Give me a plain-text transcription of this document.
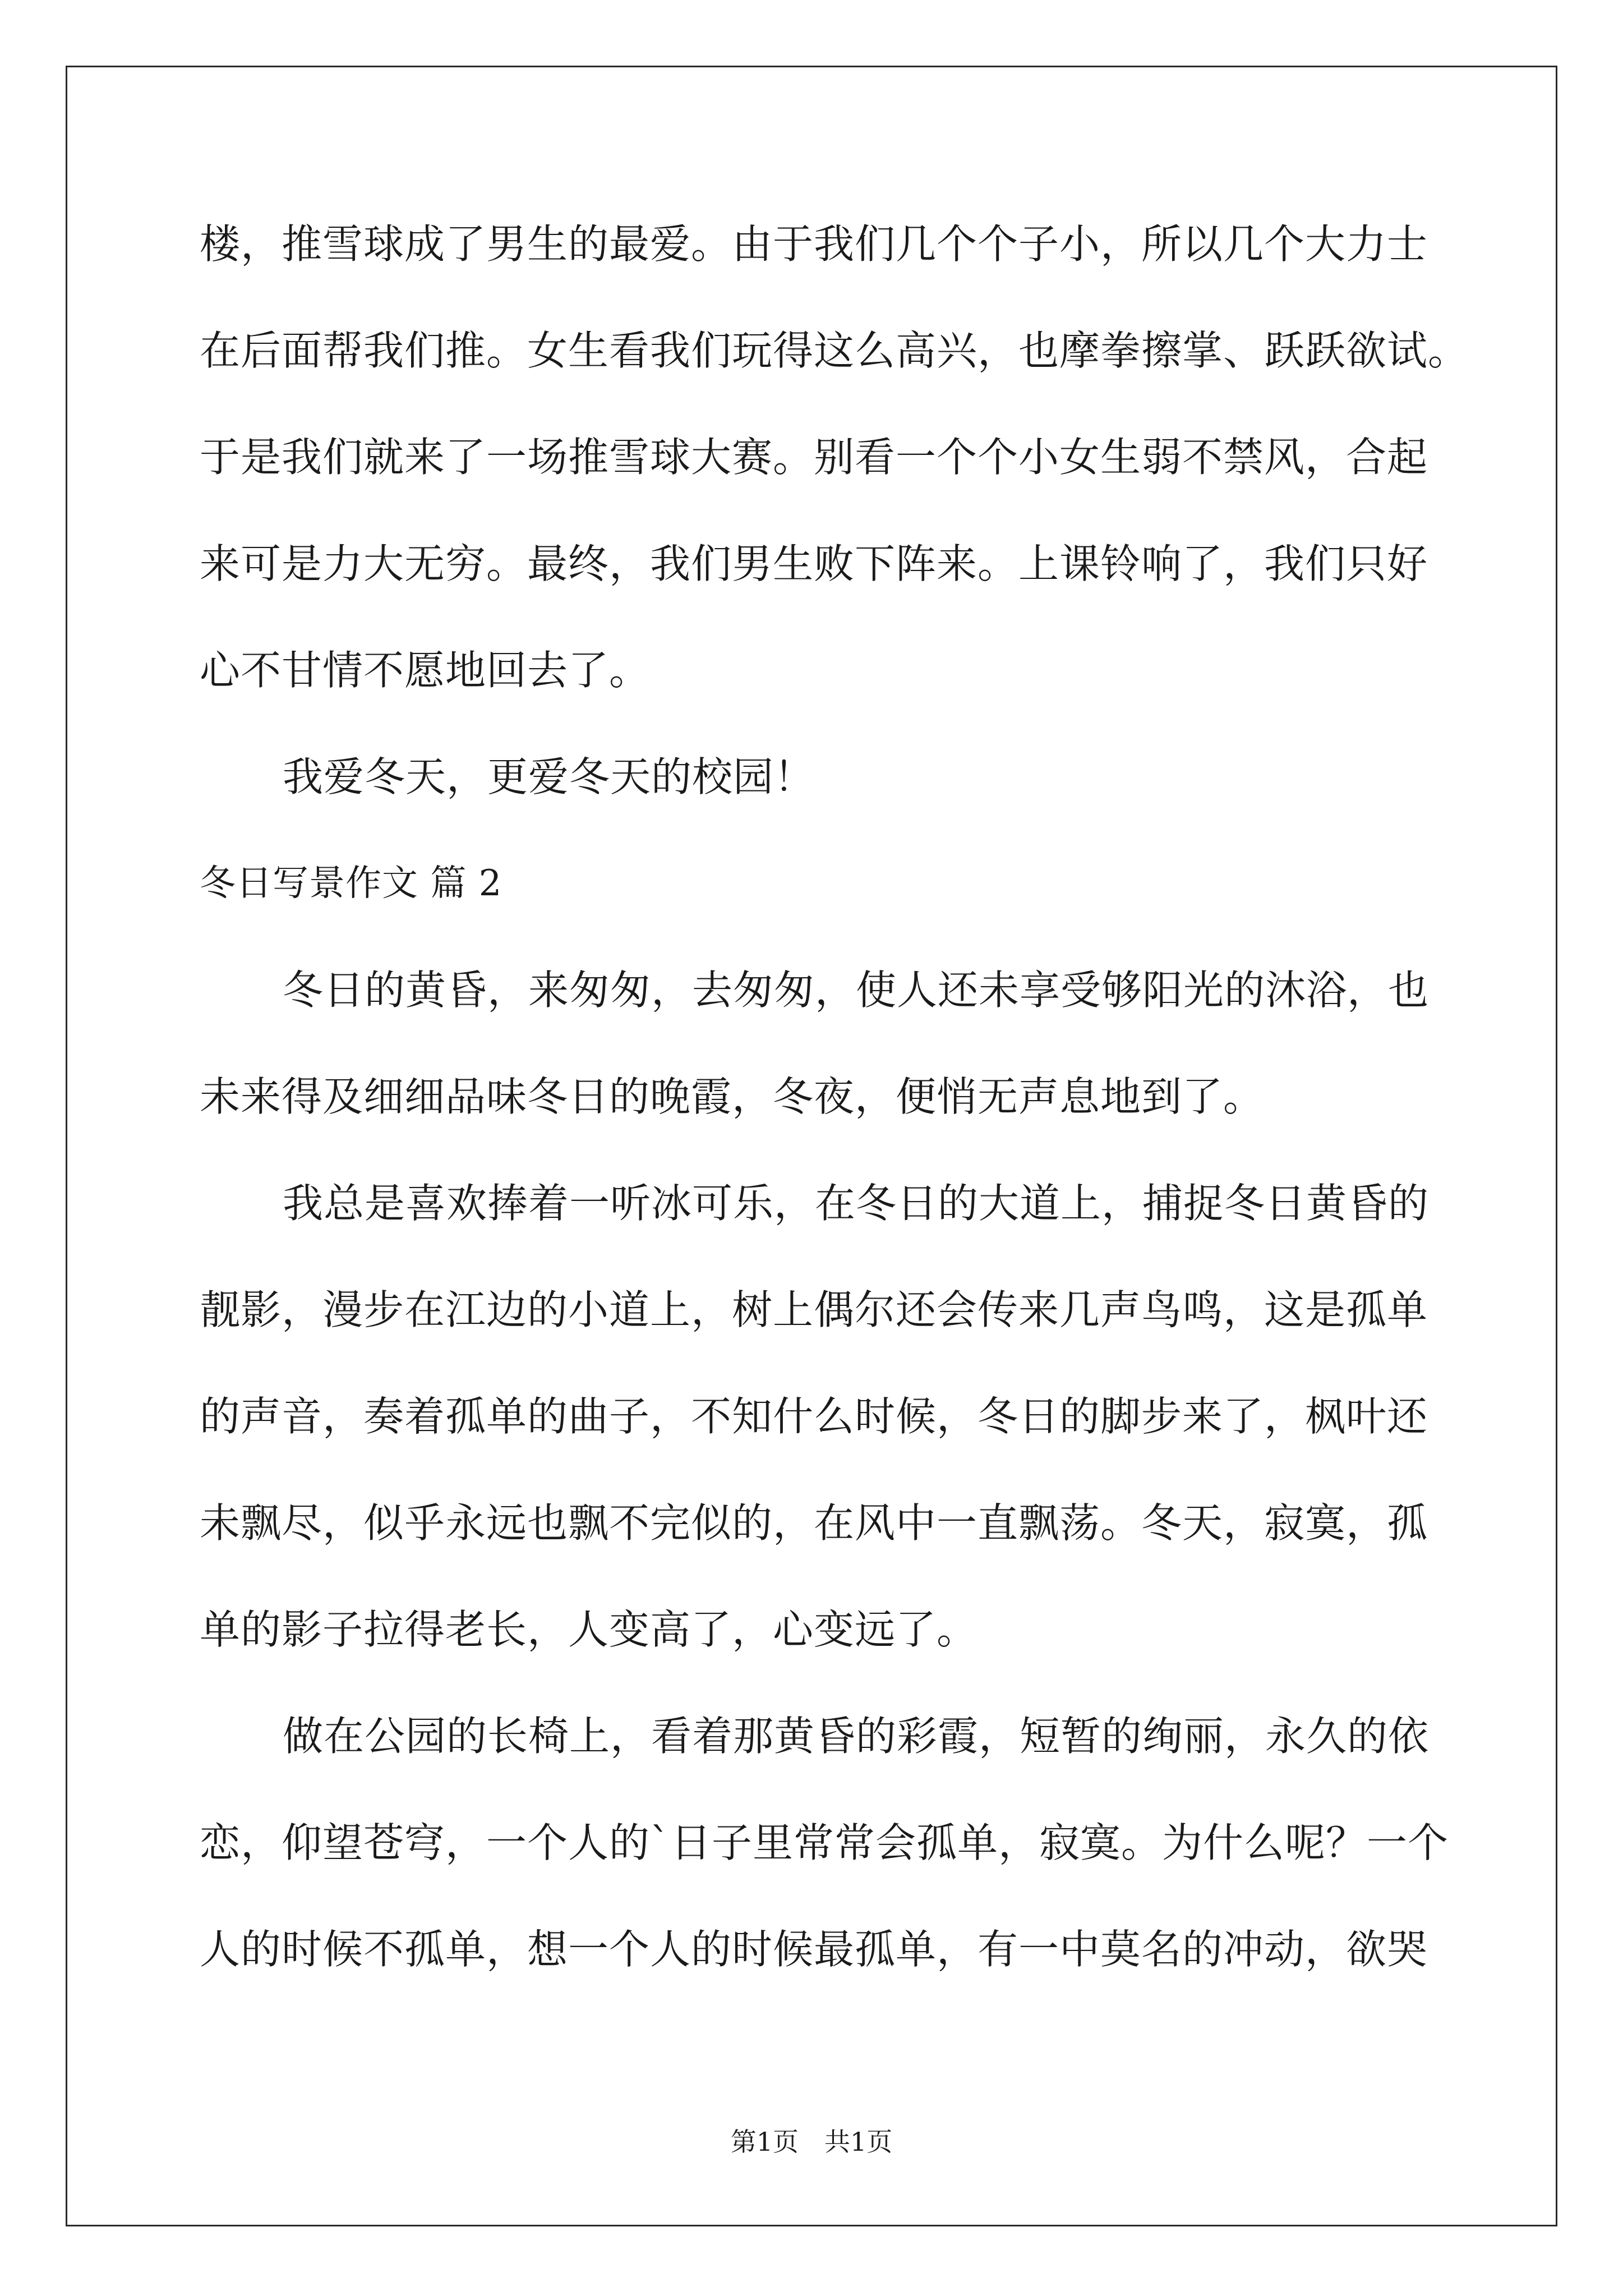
楼，推雪球成了男生的最爱。由于我们几个个子小，所以几个大力士

在后面帮我们推。女生看我们玩得这么高兴，也摩拳擦掌、跃跃欲试。

于是我们就来了一场推雪球大赛。别看一个个小女生弱不禁风，合起

来可是力大无穷。最终，我们男生败下阵来。上课铃响了，我们只好

心不甘情不愿地回去了。

我爱冬天，更爱冬天的校园！

冬日写景作文 篇 2

冬日的黄昏，来匆匆，去匆匆，使人还未享受够阳光的沐浴，也

未来得及细细品味冬日的晚霞，冬夜，便悄无声息地到了。

我总是喜欢捧着一听冰可乐，在冬日的大道上，捕捉冬日黄昏的

靓影，漫步在江边的小道上，树上偶尔还会传来几声鸟鸣，这是孤单

的声音，奏着孤单的曲子，不知什么时候，冬日的脚步来了，枫叶还

未飘尽，似乎永远也飘不完似的，在风中一直飘荡。冬天，寂寞，孤

单的影子拉得老长，人变高了，心变远了。

做在公园的长椅上，看着那黄昏的彩霞，短暂的绚丽，永久的依

恋，仰望苍穹，一个人的`日子里常常会孤单，寂寞。为什么呢？一个

人的时候不孤单，想一个人的时候最孤单，有一中莫名的冲动，欲哭

第1页　共1页
